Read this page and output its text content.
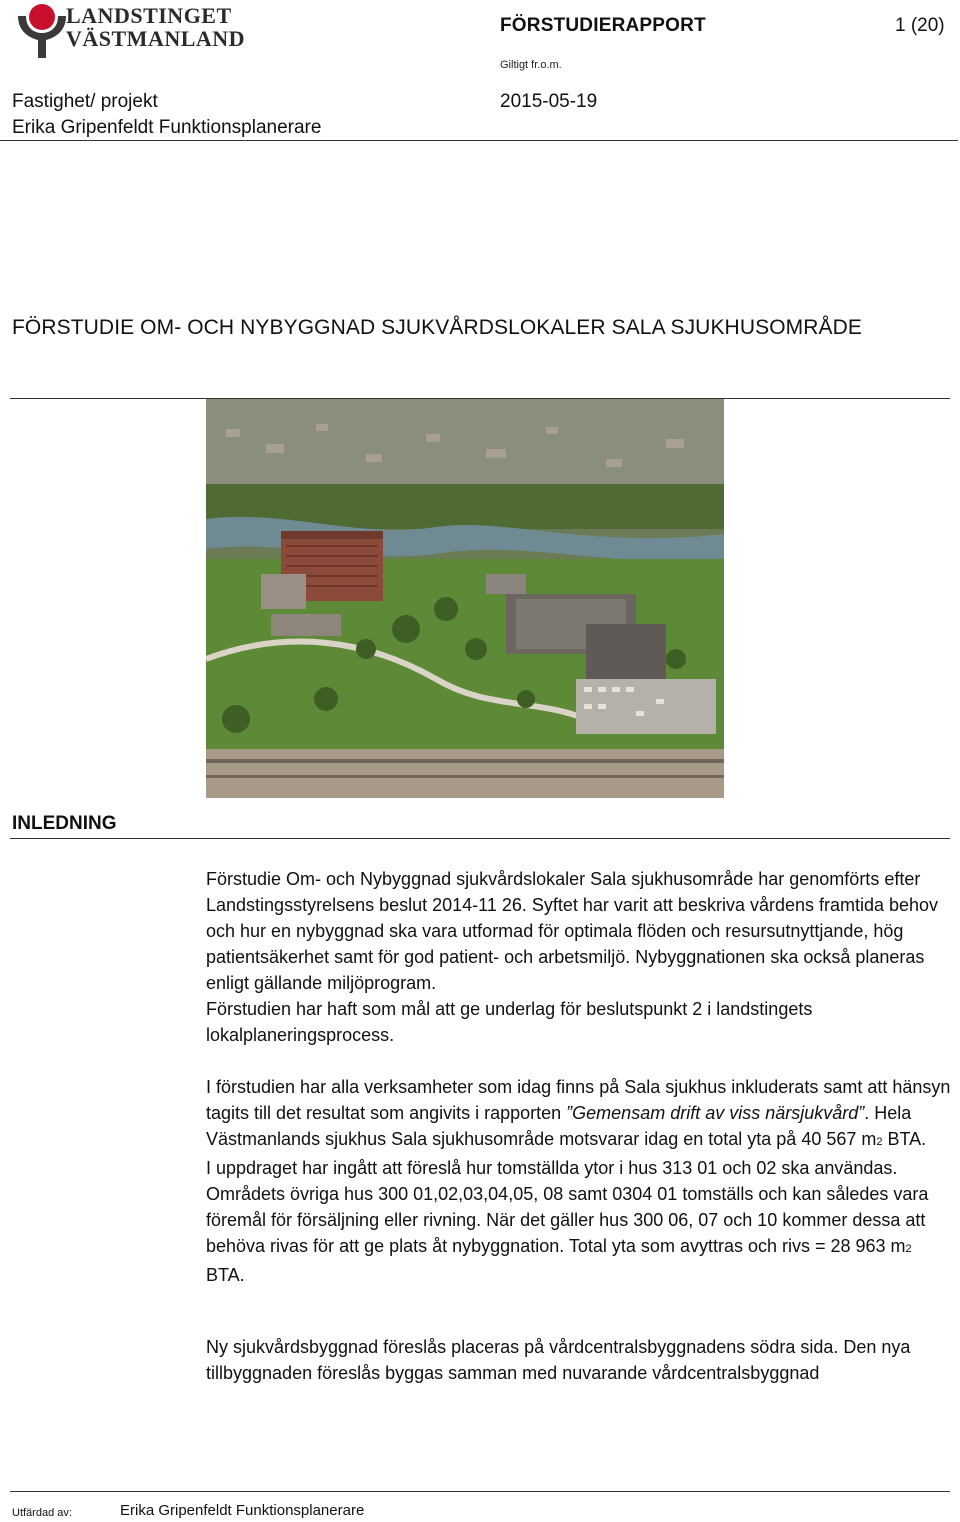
LANDSTINGET
VÄSTMANLAND
FÖRSTUDIERAPPORT	1 (20)
Giltigt fr.o.m.
Fastighet/ projekt	2015-05-19
Erika Gripenfeldt Funktionsplanerare
FÖRSTUDIE OM- OCH NYBYGGNAD SJUKVÅRDSLOKALER SALA SJUKHUSOMRÅDE
INLEDNING

Förstudie Om- och Nybyggnad sjukvårdslokaler Sala sjukhusområde har genomförts efter Landstingsstyrelsens beslut 2014-11 26. Syftet har varit att beskriva vårdens framtida behov och hur en nybyggnad ska vara utformad för optimala flöden och resursutnyttjande, hög patientsäkerhet samt för god patient- och arbetsmiljö. Nybyggnationen ska också planeras enligt gällande miljöprogram.

Förstudien har haft som mål att ge underlag för beslutspunkt 2 i landstingets lokalplaneringsprocess.

I förstudien har alla verksamheter som idag finns på Sala sjukhus inkluderats samt att hänsyn tagits till det resultat som angivits i rapporten ”Gemensam drift av viss närsjukvård”. Hela Västmanlands sjukhus Sala sjukhusområde motsvarar idag en total yta på 40 567 m2 BTA.

I uppdraget har ingått att föreslå hur tomställda ytor i hus 313 01 och 02 ska användas. Områdets övriga hus 300 01,02,03,04,05, 08 samt 0304 01 tomställs och kan således vara föremål för försäljning eller rivning. När det gäller hus 300 06, 07 och 10 kommer dessa att behöva rivas för att ge plats åt nybyggnation. Total yta som avyttras och rivs = 28 963 m2 BTA.

Ny sjukvårdsbyggnad föreslås placeras på vårdcentralsbyggnadens södra sida. Den nya tillbyggnaden föreslås byggas samman med nuvarande vårdcentralsbyggnad

Utfärdad av:	Erika Gripenfeldt Funktionsplanerare
